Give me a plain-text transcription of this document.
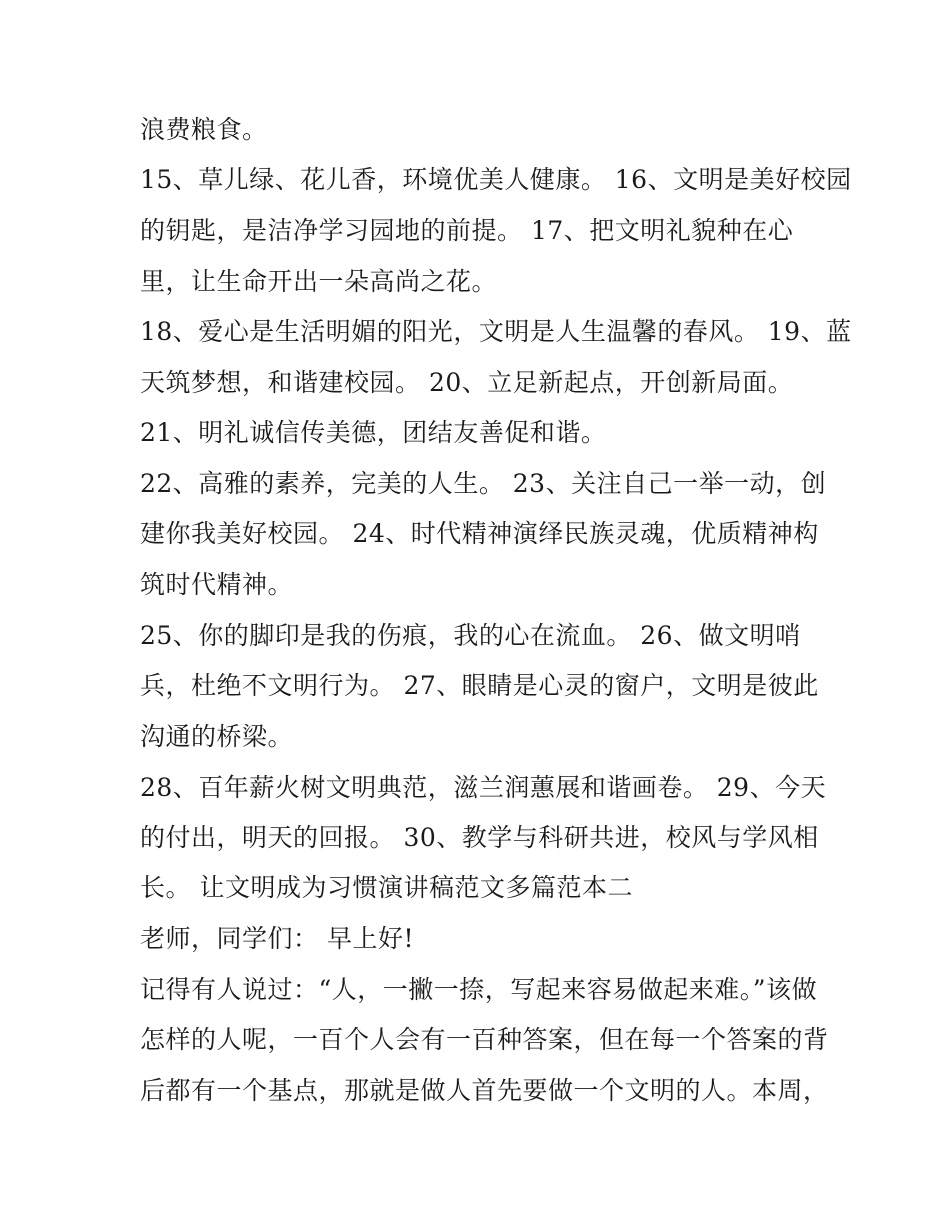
浪费粮食。
15、草儿绿、花儿香，环境优美人健康。 16、文明是美好校园
的钥匙，是洁净学习园地的前提。 17、把文明礼貌种在心
里，让生命开出一朵高尚之花。
18、爱心是生活明媚的阳光，文明是人生温馨的春风。 19、蓝
天筑梦想，和谐建校园。 20、立足新起点，开创新局面。
21、明礼诚信传美德，团结友善促和谐。
22、高雅的素养，完美的人生。 23、关注自己一举一动，创
建你我美好校园。 24、时代精神演绎民族灵魂，优质精神构
筑时代精神。
25、你的脚印是我的伤痕，我的心在流血。 26、做文明哨
兵，杜绝不文明行为。 27、眼睛是心灵的窗户，文明是彼此
沟通的桥梁。
28、百年薪火树文明典范，滋兰润蕙展和谐画卷。 29、今天
的付出，明天的回报。 30、教学与科研共进，校风与学风相
长。 让文明成为习惯演讲稿范文多篇范本二
老师，同学们： 早上好!
记得有人说过：“人，一撇一捺，写起来容易做起来难。”该做
怎样的人呢，一百个人会有一百种答案，但在每一个答案的背
后都有一个基点，那就是做人首先要做一个文明的人。本周，
